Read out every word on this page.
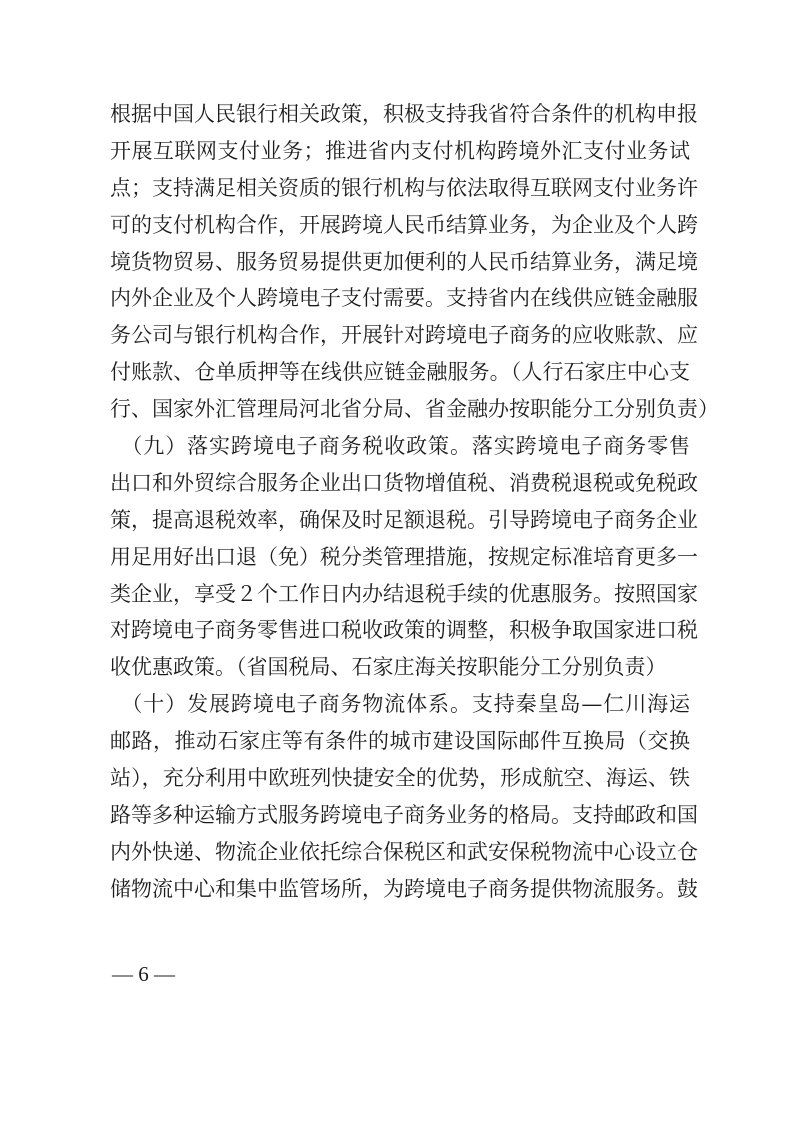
根据中国人民银行相关政策，积极支持我省符合条件的机构申报
开展互联网支付业务；推进省内支付机构跨境外汇支付业务试
点；支持满足相关资质的银行机构与依法取得互联网支付业务许
可的支付机构合作，开展跨境人民币结算业务，为企业及个人跨
境货物贸易、服务贸易提供更加便利的人民币结算业务，满足境
内外企业及个人跨境电子支付需要。支持省内在线供应链金融服
务公司与银行机构合作，开展针对跨境电子商务的应收账款、应
付账款、仓单质押等在线供应链金融服务。（人行石家庄中心支
行、国家外汇管理局河北省分局、省金融办按职能分工分别负责）
　（九）落实跨境电子商务税收政策。落实跨境电子商务零售
出口和外贸综合服务企业出口货物增值税、消费税退税或免税政
策，提高退税效率，确保及时足额退税。引导跨境电子商务企业
用足用好出口退（免）税分类管理措施，按规定标准培育更多一
类企业，享受２个工作日内办结退税手续的优惠服务。按照国家
对跨境电子商务零售进口税收政策的调整，积极争取国家进口税
收优惠政策。（省国税局、石家庄海关按职能分工分别负责）
　（十）发展跨境电子商务物流体系。支持秦皇岛—仁川海运
邮路，推动石家庄等有条件的城市建设国际邮件互换局（交换
站），充分利用中欧班列快捷安全的优势，形成航空、海运、铁
路等多种运输方式服务跨境电子商务业务的格局。支持邮政和国
内外快递、物流企业依托综合保税区和武安保税物流中心设立仓
储物流中心和集中监管场所，为跨境电子商务提供物流服务。鼓
— 6 —
